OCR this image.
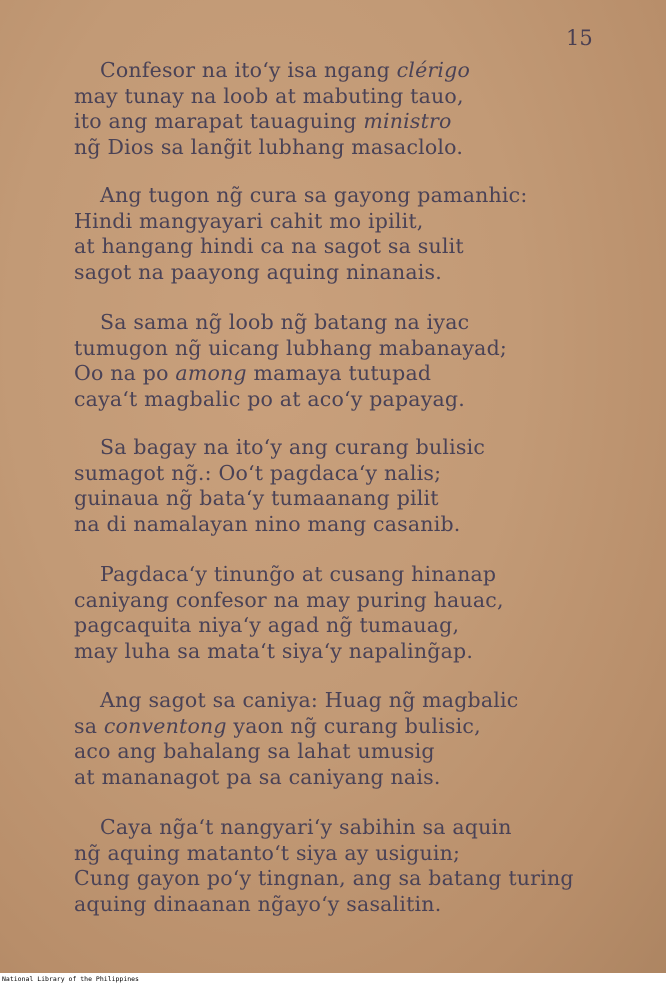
15
Confesor na ito‘y isa ngang clérigo
may tunay na loob at mabuting tauo,
ito ang marapat tauaguing ministro
ng̃ Dios sa lang̃it lubhang masaclolo.
Ang tugon ng̃ cura sa gayong pamanhic:
Hindi mangyayari cahit mo ipilit,
at hangang hindi ca na sagot sa sulit
sagot na paayong aquing ninanais.
Sa sama ng̃ loob ng̃ batang na iyac
tumugon ng̃ uicang lubhang mabanayad;
Oo na po among mamaya tutupad
caya‘t magbalic po at aco‘y papayag.
Sa bagay na ito‘y ang curang bulisic
sumagot ng̃.: Oo‘t pagdaca‘y nalis;
guinaua ng̃ bata‘y tumaanang pilit
na di namalayan nino mang casanib.
Pagdaca‘y tinung̃o at cusang hinanap
caniyang confesor na may puring hauac,
pagcaquita niya‘y agad ng̃ tumauag,
may luha sa mata‘t siya‘y napaling̃ap.
Ang sagot sa caniya: Huag ng̃ magbalic
sa conventong yaon ng̃ curang bulisic,
aco ang bahalang sa lahat umusig
at mananagot pa sa caniyang nais.
Caya ng̃a‘t nangyari‘y sabihin sa aquin
ng̃ aquing matanto‘t siya ay usiguin;
Cung gayon po‘y tingnan, ang sa batang turing
aquing dinaanan ng̃ayo‘y sasalitin.
National Library of the Philippines
